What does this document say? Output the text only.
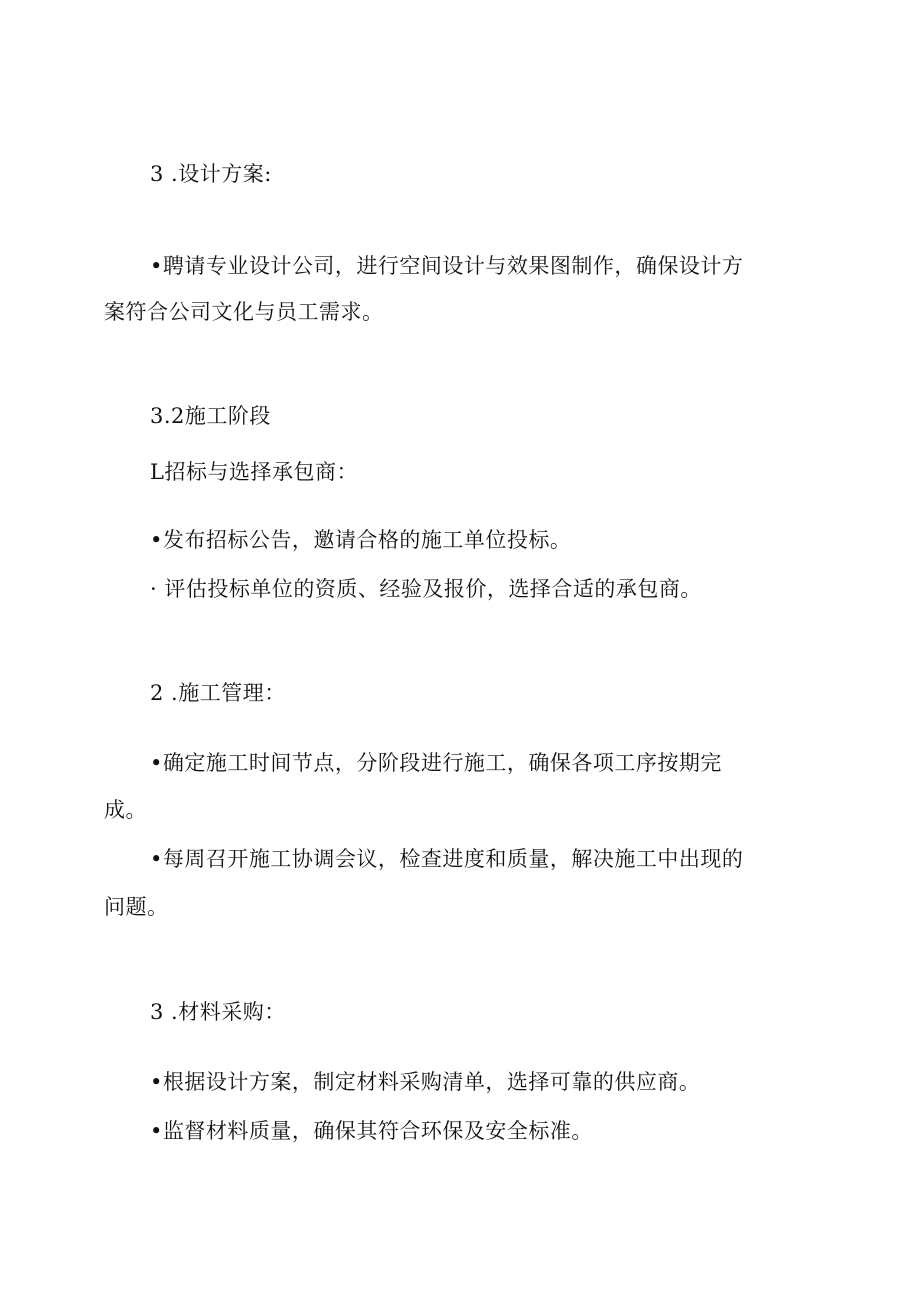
3 .设计方案:
•聘请专业设计公司，进行空间设计与效果图制作，确保设计方
案符合公司文化与员工需求。
3.2施工阶段
L招标与选择承包商：
•发布招标公告，邀请合格的施工单位投标。
· 评估投标单位的资质、经验及报价，选择合适的承包商。
2 .施工管理：
•确定施工时间节点，分阶段进行施工，确保各项工序按期完
成。
•每周召开施工协调会议，检查进度和质量，解决施工中出现的
问题。
3 .材料采购：
•根据设计方案，制定材料采购清单，选择可靠的供应商。
•监督材料质量，确保其符合环保及安全标准。
